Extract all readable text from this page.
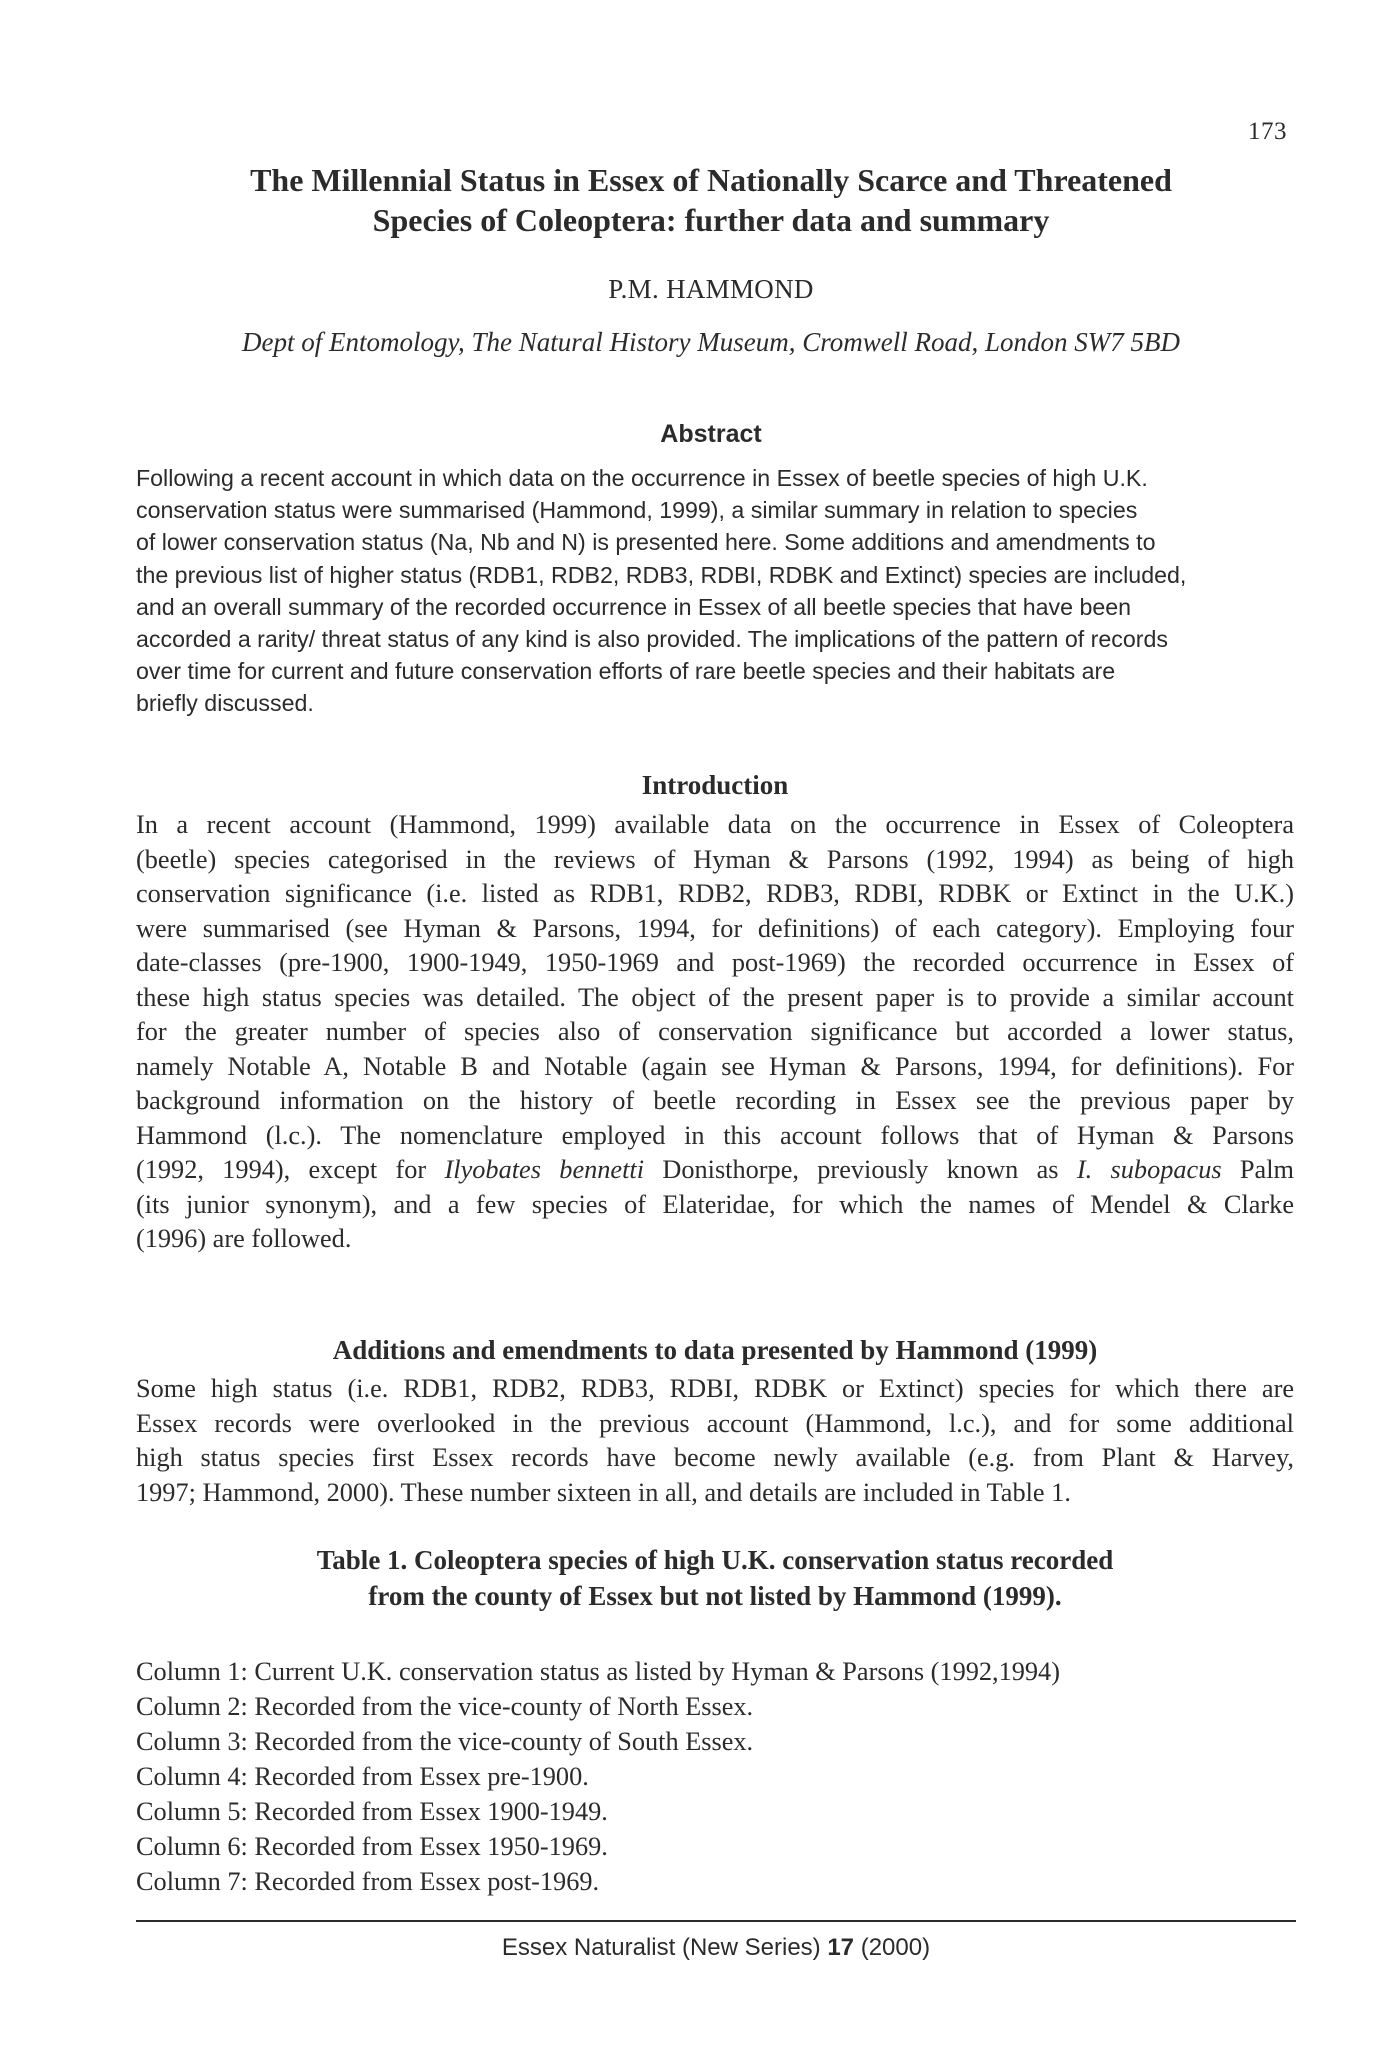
173
The Millennial Status in Essex of Nationally Scarce and Threatened
Species of Coleoptera: further data and summary
P.M. HAMMOND
Dept of Entomology, The Natural History Museum, Cromwell Road, London SW7 5BD
Abstract
Following a recent account in which data on the occurrence in Essex of beetle species of high U.K.
conservation status were summarised (Hammond, 1999), a similar summary in relation to species
of lower conservation status (Na, Nb and N) is presented here. Some additions and amendments to
the previous list of higher status (RDB1, RDB2, RDB3, RDBI, RDBK and Extinct) species are included,
and an overall summary of the recorded occurrence in Essex of all beetle species that have been
accorded a rarity/ threat status of any kind is also provided. The implications of the pattern of records
over time for current and future conservation efforts of rare beetle species and their habitats are
briefly discussed.
Introduction
In a recent account (Hammond, 1999) available data on the occurrence in Essex of Coleoptera
(beetle) species categorised in the reviews of Hyman & Parsons (1992, 1994) as being of high
conservation significance (i.e. listed as RDB1, RDB2, RDB3, RDBI, RDBK or Extinct in the U.K.)
were summarised (see Hyman & Parsons, 1994, for definitions) of each category). Employing four
date-classes (pre-1900, 1900-1949, 1950-1969 and post-1969) the recorded occurrence in Essex of
these high status species was detailed. The object of the present paper is to provide a similar account
for the greater number of species also of conservation significance but accorded a lower status,
namely Notable A, Notable B and Notable (again see Hyman & Parsons, 1994, for definitions). For
background information on the history of beetle recording in Essex see the previous paper by
Hammond (l.c.). The nomenclature employed in this account follows that of Hyman & Parsons
(1992, 1994), except for Ilyobates bennetti Donisthorpe, previously known as I. subopacus Palm
(its junior synonym), and a few species of Elateridae, for which the names of Mendel & Clarke
(1996) are followed.
Additions and emendments to data presented by Hammond (1999)
Some high status (i.e. RDB1, RDB2, RDB3, RDBI, RDBK or Extinct) species for which there are
Essex records were overlooked in the previous account (Hammond, l.c.), and for some additional
high status species first Essex records have become newly available (e.g. from Plant & Harvey,
1997; Hammond, 2000). These number sixteen in all, and details are included in Table 1.
Table 1. Coleoptera species of high U.K. conservation status recorded
from the county of Essex but not listed by Hammond (1999).
Column 1: Current U.K. conservation status as listed by Hyman & Parsons (1992,1994)
Column 2: Recorded from the vice-county of North Essex.
Column 3: Recorded from the vice-county of South Essex.
Column 4: Recorded from Essex pre-1900.
Column 5: Recorded from Essex 1900-1949.
Column 6: Recorded from Essex 1950-1969.
Column 7: Recorded from Essex post-1969.
Essex Naturalist (New Series) 17 (2000)
